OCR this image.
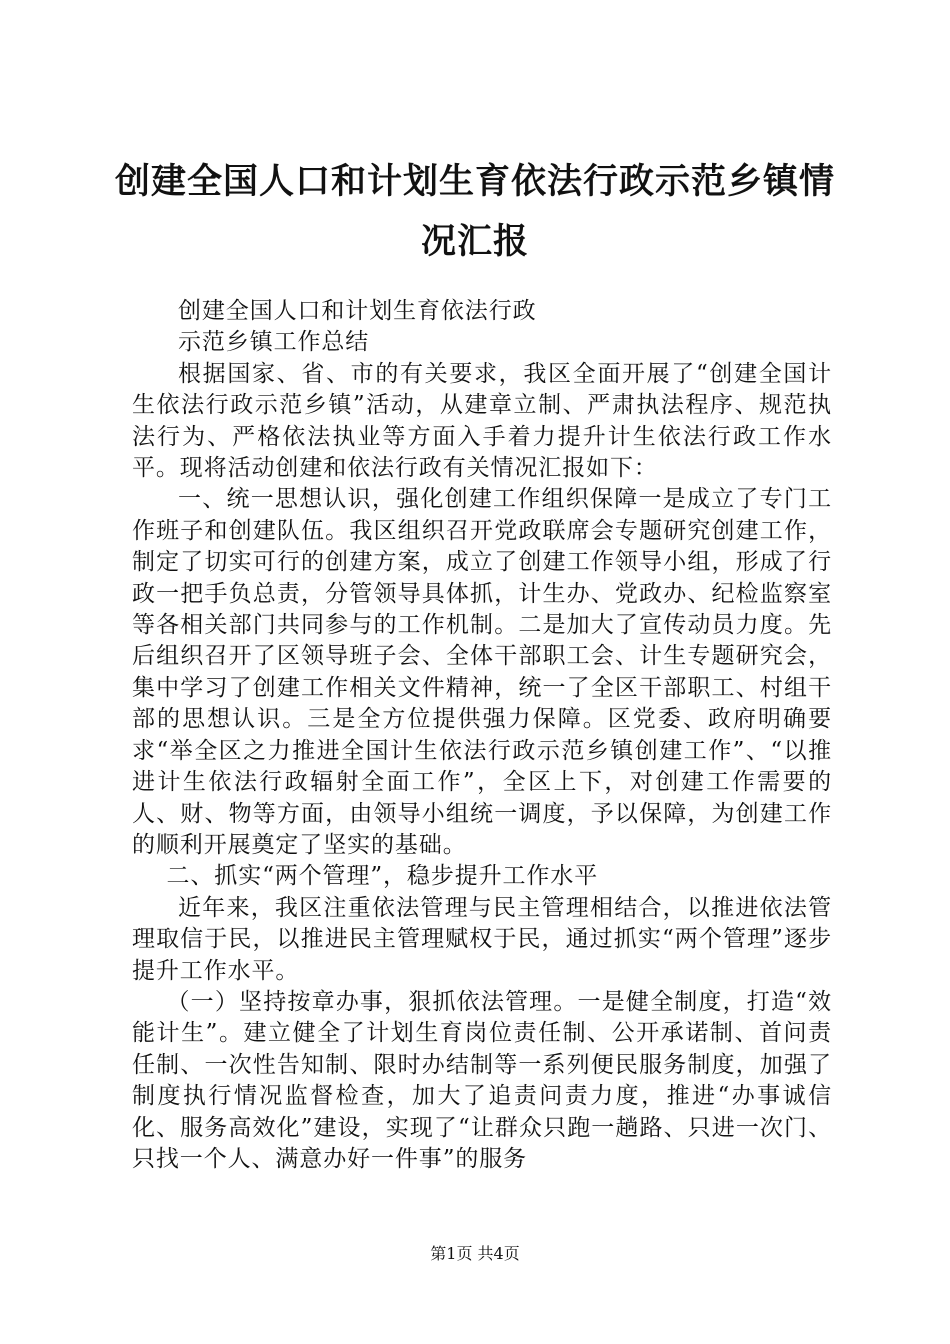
创建全国人口和计划生育依法行政示范乡镇情
况汇报

创建全国人口和计划生育依法行政

示范乡镇工作总结

根据国家、省、市的有关要求，我区全面开展了“创建全国计生依法行政示范乡镇”活动，从建章立制、严肃执法程序、规范执法行为、严格依法执业等方面入手着力提升计生依法行政工作水平。现将活动创建和依法行政有关情况汇报如下：

一、统一思想认识，强化创建工作组织保障一是成立了专门工作班子和创建队伍。我区组织召开党政联席会专题研究创建工作，制定了切实可行的创建方案，成立了创建工作领导小组，形成了行政一把手负总责，分管领导具体抓，计生办、党政办、纪检监察室等各相关部门共同参与的工作机制。二是加大了宣传动员力度。先后组织召开了区领导班子会、全体干部职工会、计生专题研究会，集中学习了创建工作相关文件精神，统一了全区干部职工、村组干部的思想认识。三是全方位提供强力保障。区党委、政府明确要求“举全区之力推进全国计生依法行政示范乡镇创建工作”、“以推进计生依法行政辐射全面工作”，全区上下，对创建工作需要的人、财、物等方面，由领导小组统一调度，予以保障，为创建工作的顺利开展奠定了坚实的基础。

二、抓实“两个管理”，稳步提升工作水平

近年来，我区注重依法管理与民主管理相结合，以推进依法管理取信于民，以推进民主管理赋权于民，通过抓实“两个管理”逐步提升工作水平。

（一）坚持按章办事，狠抓依法管理。一是健全制度，打造“效能计生”。建立健全了计划生育岗位责任制、公开承诺制、首问责任制、一次性告知制、限时办结制等一系列便民服务制度，加强了制度执行情况监督检查，加大了追责问责力度，推进“办事诚信化、服务高效化”建设，实现了“让群众只跑一趟路、只进一次门、只找一个人、满意办好一件事”的服务

第1页 共4页
